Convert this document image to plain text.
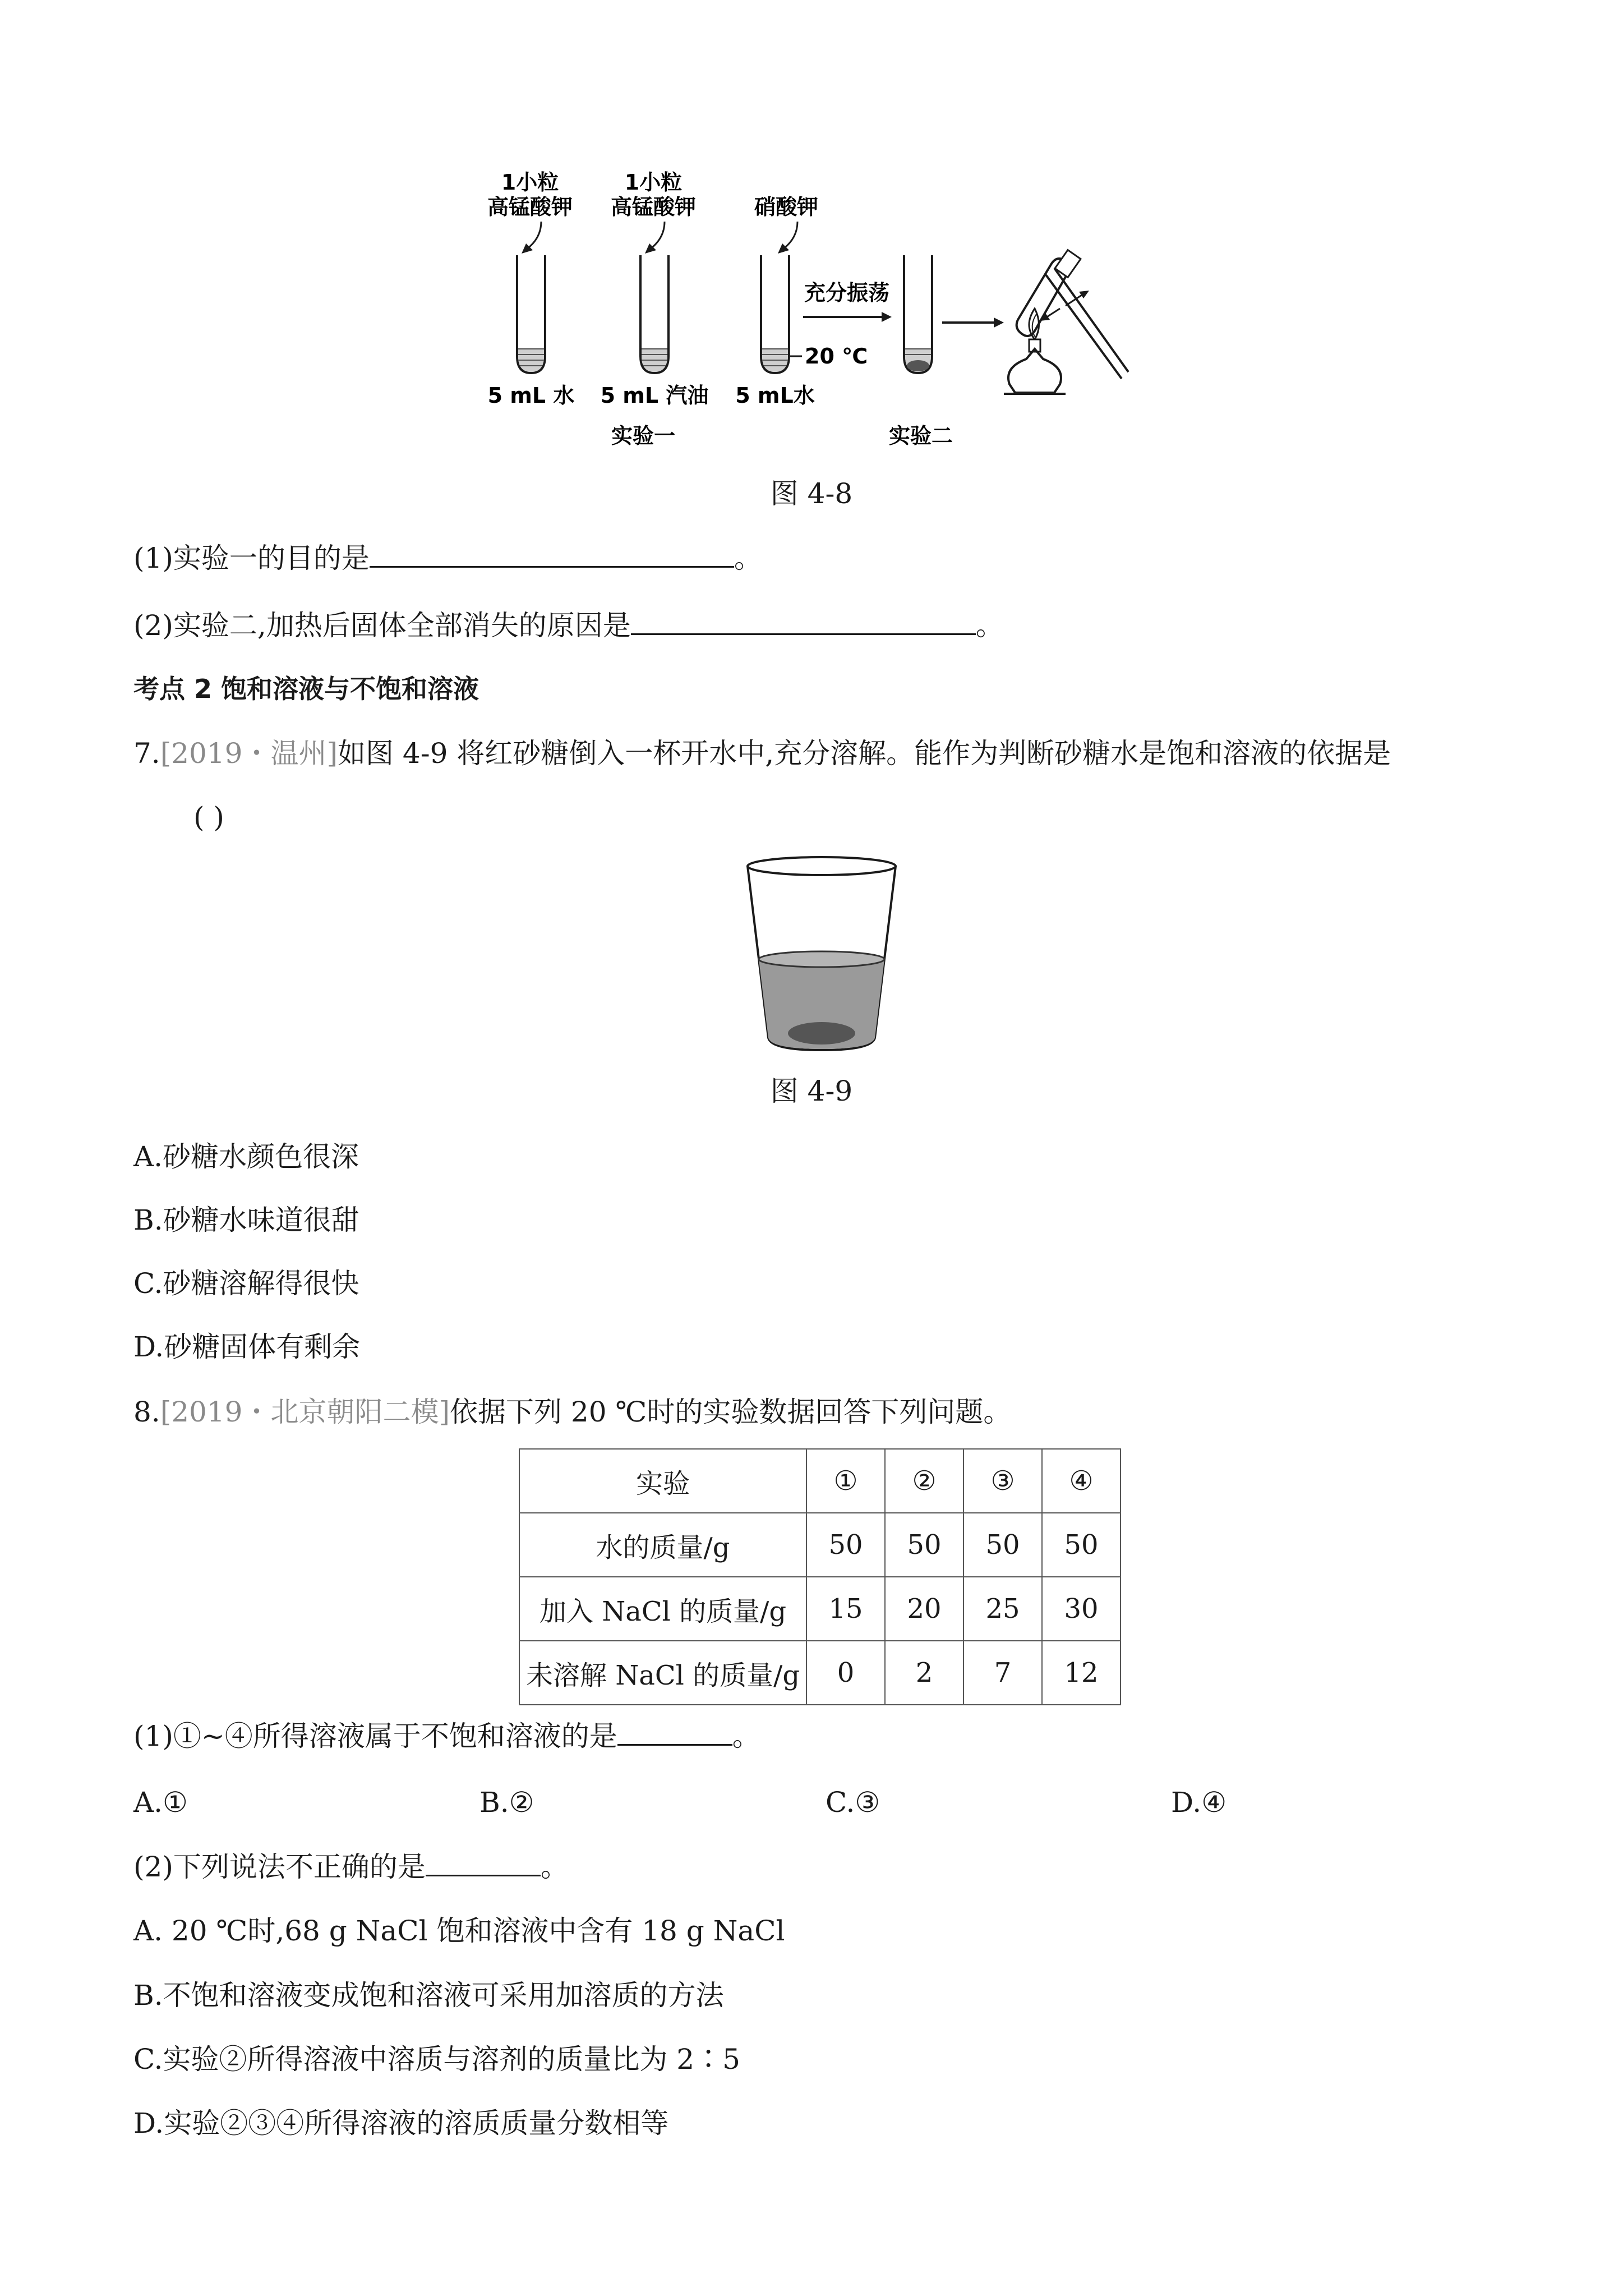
1小粒
高锰酸钾
1小粒
高锰酸钾	硝酸钾
20 ℃
充分振荡
5 mL 水 5 mL 汽油 5 mL水
实验一	实验二
图 4-8
(1)实验一的目的是	。
(2)实验二,加热后固体全部消失的原因是	。
考点 2 饱和溶液与不饱和溶液
7.[2019・温州]如图 4-9 将红砂糖倒入一杯开水中,充分溶解。能作为判断砂糖水是饱和溶液的依据是
( )
图 4-9
A.砂糖水颜色很深
B.砂糖水味道很甜
C.砂糖溶解得很快
D.砂糖固体有剩余
8.[2019・北京朝阳二模]依据下列 20 ℃时的实验数据回答下列问题。
实验	①	②	③	④
水的质量/g	50	50	50	50
加入 NaCl 的质量/g	15	20	25	30
未溶解 NaCl 的质量/g	0	2	7	12
(1)①~④所得溶液属于不饱和溶液的是	。
A.①	B.②	C.③	D.④
(2)下列说法不正确的是	。
A. 20 ℃时,68 g NaCl 饱和溶液中含有 18 g NaCl
B.不饱和溶液变成饱和溶液可采用加溶质的方法
C.实验②所得溶液中溶质与溶剂的质量比为 2∶5
D.实验②③④所得溶液的溶质质量分数相等
